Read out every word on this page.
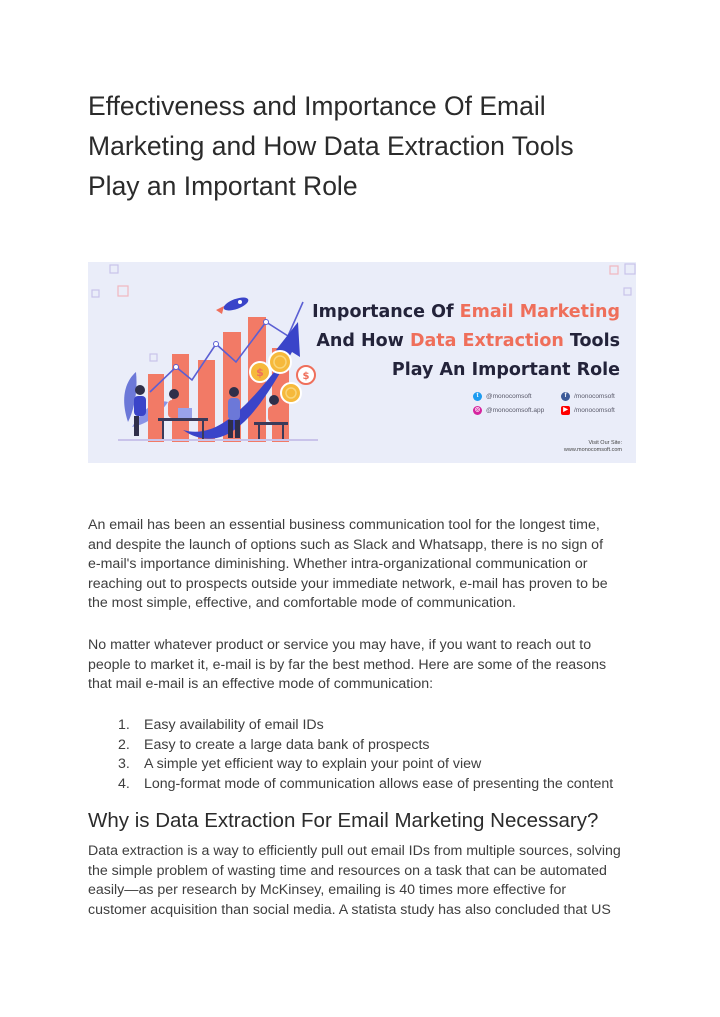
Effectiveness and Importance Of Email
Marketing and How Data Extraction Tools
Play an Important Role
$	$
Importance Of Email Marketing
And How Data Extraction Tools
Play An Important Role
t	@monocomsoft	f	/monocomsoft
◎ @monocomsoft.app	▶ /monocomsoft
Visit Our Site:
www.monocomsoft.com

An email has been an essential business communication tool for the longest time,
and despite the launch of options such as Slack and Whatsapp, there is no sign of
e-mail's importance diminishing. Whether intra-organizational communication or
reaching out to prospects outside your immediate network, e-mail has proven to be
the most simple, effective, and comfortable mode of communication.

No matter whatever product or service you may have, if you want to reach out to
people to market it, e-mail is by far the best method. Here are some of the reasons
that mail e-mail is an effective mode of communication:

1. Easy availability of email IDs
2. Easy to create a large data bank of prospects
3. A simple yet efficient way to explain your point of view
4. Long-format mode of communication allows ease of presenting the content
Why is Data Extraction For Email Marketing Necessary?

Data extraction is a way to efficiently pull out email IDs from multiple sources, solving
the simple problem of wasting time and resources on a task that can be automated
easily—as per research by McKinsey, emailing is 40 times more effective for
customer acquisition than social media. A statista study has also concluded that US
